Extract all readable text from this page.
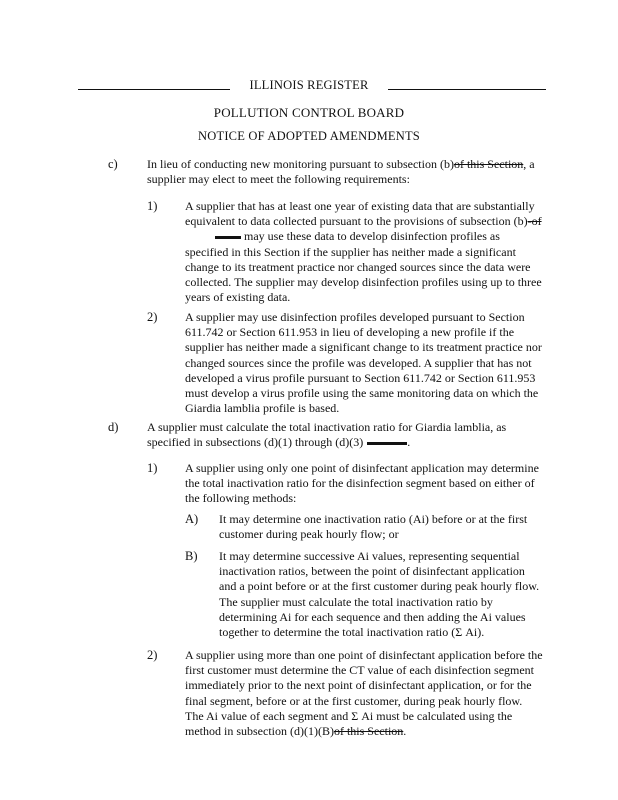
ILLINOIS REGISTER
POLLUTION CONTROL BOARD
NOTICE OF ADOPTED AMENDMENTS
c) In lieu of conducting new monitoring pursuant to subsection (b)of this Section, a
supplier may elect to meet the following requirements:
1) A supplier that has at least one year of existing data that are substantially
equivalent to data collected pursuant to the provisions of subsection (b)-of
may use these data to develop disinfection profiles as
specified in this Section if the supplier has neither made a significant
change to its treatment practice nor changed sources since the data were
collected. The supplier may develop disinfection profiles using up to three
years of existing data.
2) A supplier may use disinfection profiles developed pursuant to Section
611.742 or Section 611.953 in lieu of developing a new profile if the
supplier has neither made a significant change to its treatment practice nor
changed sources since the profile was developed. A supplier that has not
developed a virus profile pursuant to Section 611.742 or Section 611.953
must develop a virus profile using the same monitoring data on which the
Giardia lamblia profile is based.
d) A supplier must calculate the total inactivation ratio for Giardia lamblia, as
specified in subsections (d)(1) through (d)(3)	.
1) A supplier using only one point of disinfectant application may determine
the total inactivation ratio for the disinfection segment based on either of
the following methods:
A) It may determine one inactivation ratio (Ai) before or at the first
customer during peak hourly flow; or
B) It may determine successive Ai values, representing sequential
inactivation ratios, between the point of disinfectant application
and a point before or at the first customer during peak hourly flow.
The supplier must calculate the total inactivation ratio by
determining Ai for each sequence and then adding the Ai values
together to determine the total inactivation ratio (Σ Ai).
2) A supplier using more than one point of disinfectant application before the
first customer must determine the CT value of each disinfection segment
immediately prior to the next point of disinfectant application, or for the
final segment, before or at the first customer, during peak hourly flow.
The Ai value of each segment and Σ Ai must be calculated using the
method in subsection (d)(1)(B)of this Section.
